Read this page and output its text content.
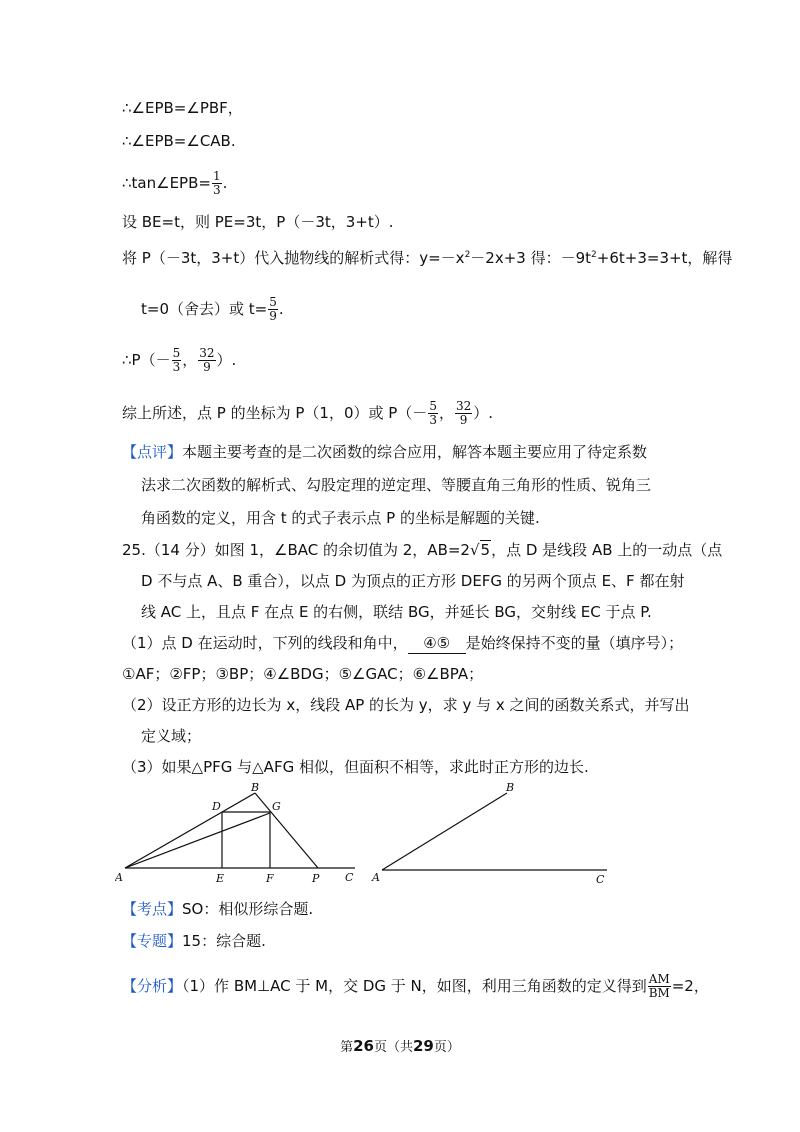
∴∠EPB=∠PBF，
∴∠EPB=∠CAB.
∴tan∠EPB= $\frac{1}{3}$ .
设 BE=t，则 PE=3t，P（－3t，3+t）.
将 P（－3t，3+t）代入抛物线的解析式得：$y=-x^2-2x+3$ 得：$-9t^2+6t+3=3+t$，解得
t=0（舍去）或 $t= \frac{5}{9}$ .
∴P（－ $\frac{5}{3}$ ， $\frac{32}{9}$ ）.
综上所述，点 P 的坐标为 P（1，0）或 $P(- \frac{5}{3}$ ， $\frac{32}{9}$ ）.
【点评】本题主要考查的是二次函数的综合应用，解答本题主要应用了待定系数
法求二次函数的解析式、勾股定理的逆定理、等腰直角三角形的性质、锐角三
角函数的定义，用含 t 的式子表示点 P 的坐标是解题的关键.
25.（14 分）如图 1，∠BAC 的余切值为 2，AB=2√5，点 D 是线段 AB 上的一动点（点
D 不与点 A、B 重合），以点 D 为顶点的正方形 DEFG 的另两个顶点 E、F 都在射
线 AC 上，且点 F 在点 E 的右侧，联结 BG，并延长 BG，交射线 EC 于点 P.
（1）点 D 在运动时，下列的线段和角中， ④⑤ 是始终保持不变的量（填序号）；
①AF；②FP；③BP；④∠BDG；⑤∠GAC；⑥∠BPA；
（2）设正方形的边长为 x，线段 AP 的长为 y，求 y 与 x 之间的函数关系式，并写出
定义域；
（3）如果△PFG 与△AFG 相似，但面积不相等，求此时正方形的边长.
A
B
C
D
E	F
G
P	A
B
C
【考点】SO：相似形综合题.
【专题】15：综合题.
【分析】（1）作 BM⊥AC 于 M，交 DG 于 N，如图，利用三角函数的定义得到 $\frac{AM}{BM} =2$，
第26页（共29页）
